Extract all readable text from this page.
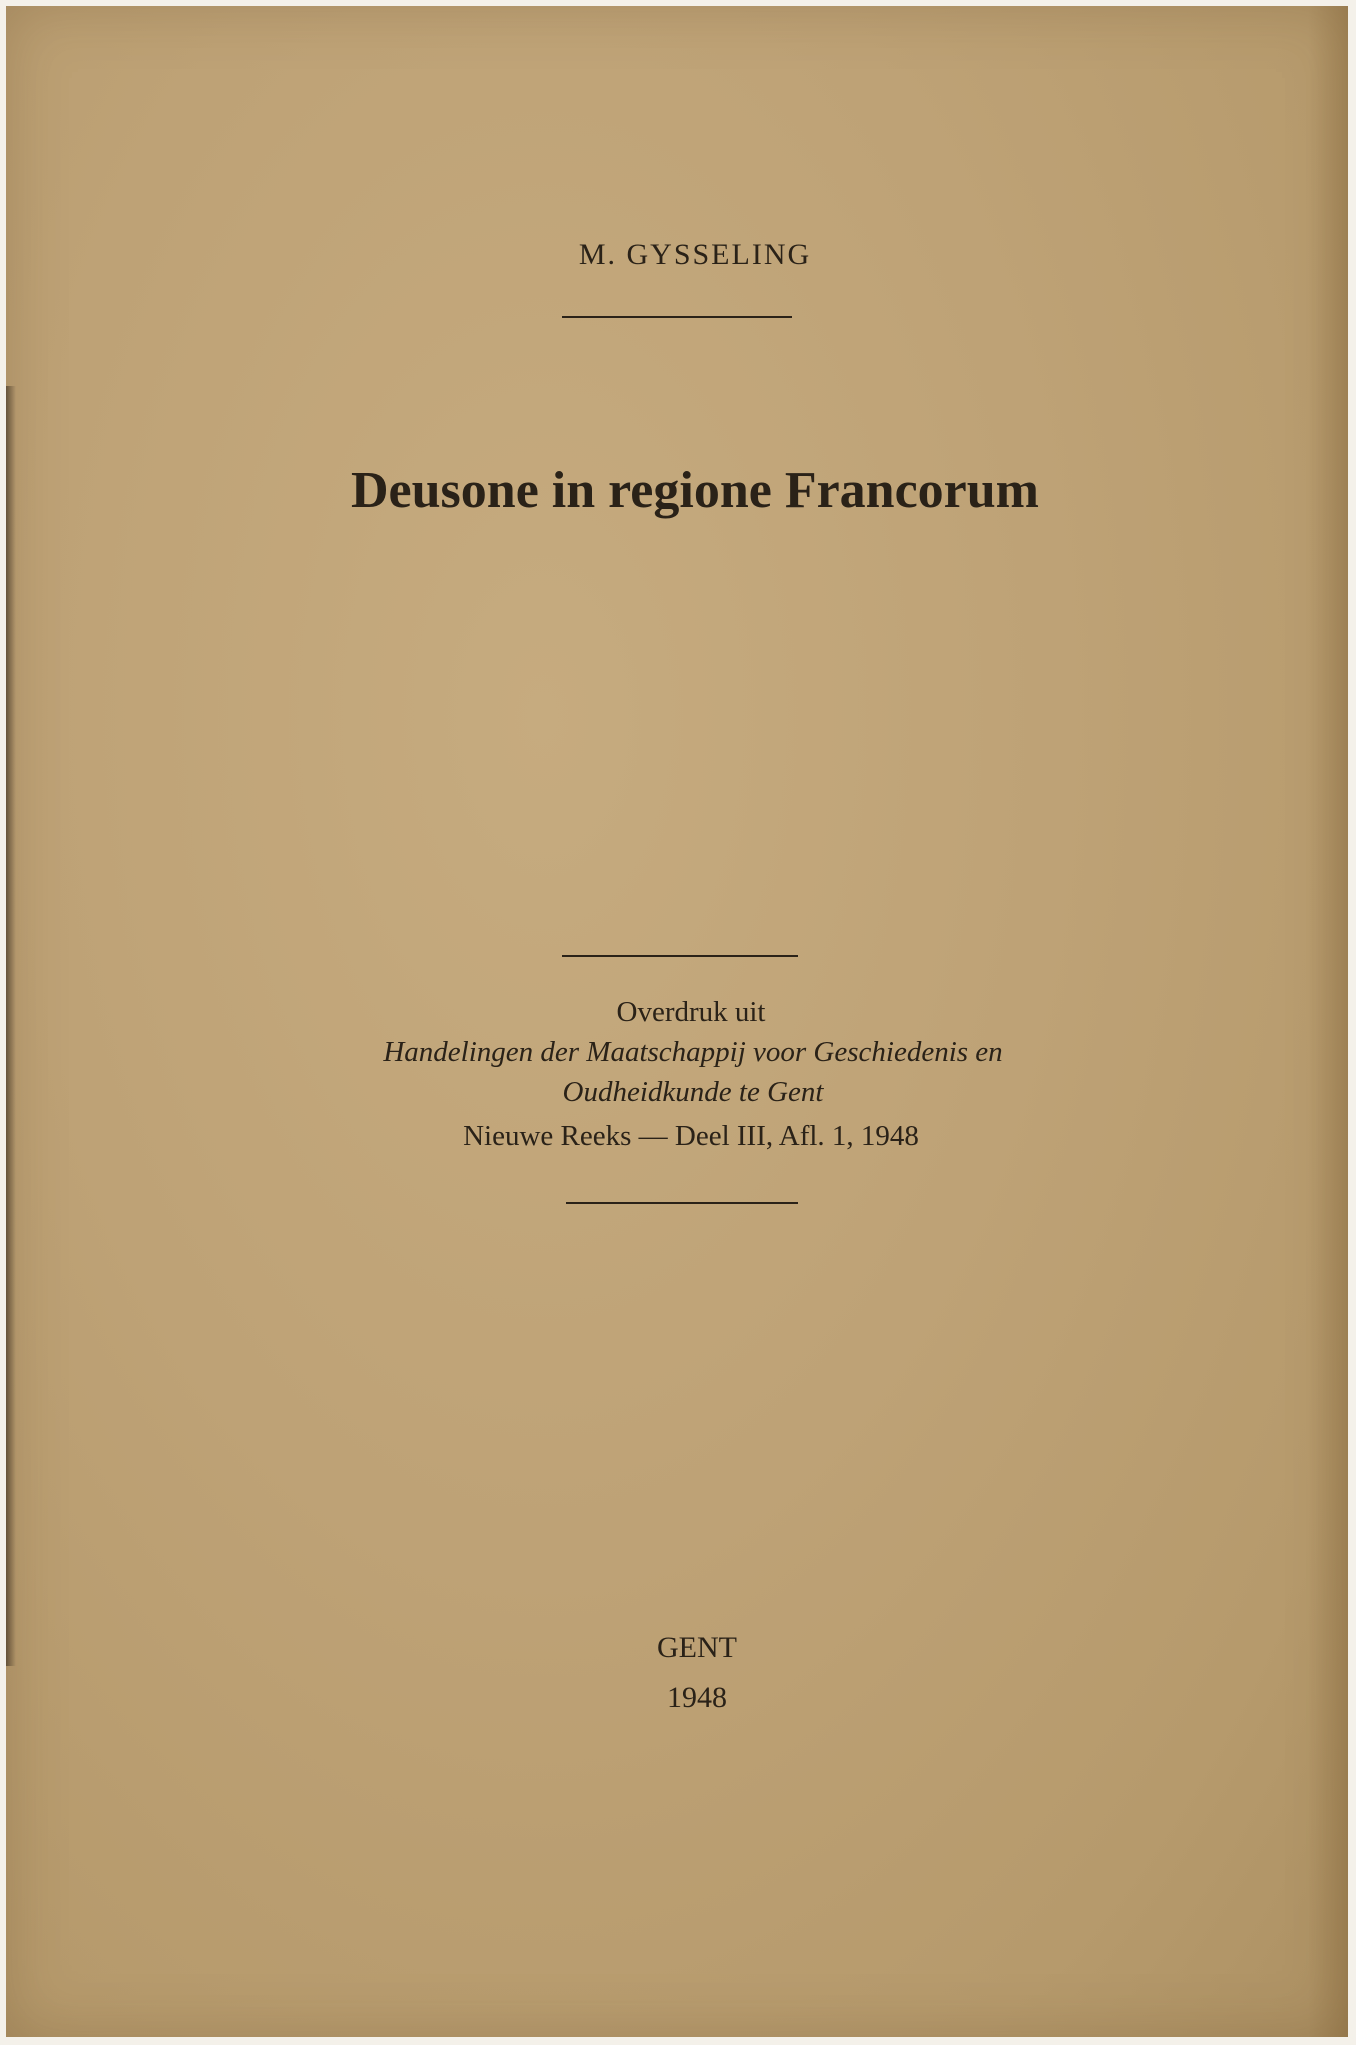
M. GYSSELING

Deusone in regione Francorum

Overdruk uit

Handelingen der Maatschappij voor Geschiedenis en

Oudheidkunde te Gent

Nieuwe Reeks — Deel III, Afl. 1, 1948

GENT

1948
